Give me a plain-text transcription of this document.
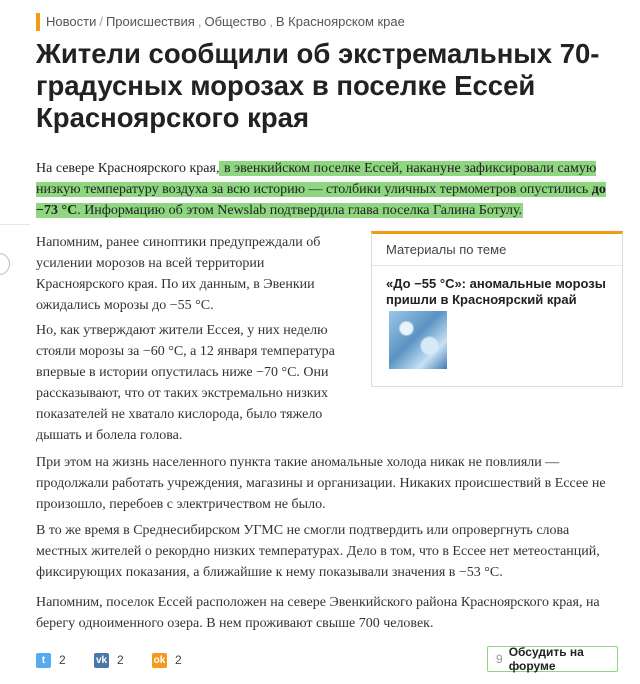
Новости / Происшествия , Общество , В Красноярском крае
Жители сообщили об экстремальных 70-градусных морозах в поселке Ессей Красноярского края

На севере Красноярского края, в эвенкийском поселке Ессей, накануне зафиксировали самую низкую температуру воздуха за всю историю — столбики уличных термометров опустились до −73 °С. Информацию об этом Newslab подтвердила глава поселка Галина Ботулу.

Напомним, ранее синоптики предупреждали об усилении морозов на всей территории Красноярского края. По их данным, в Эвенкии ожидались морозы до −55 °С.

Но, как утверждают жители Ессея, у них неделю стояли морозы за −60 °С, а 12 января температура впервые в истории опустилась ниже −70 °С. Они рассказывают, что от таких экстремально низких показателей не хватало кислорода, было тяжело дышать и болела голова.

Материалы по теме
«До −55 °С»: аномальные морозы пришли в Красноярский край

При этом на жизнь населенного пункта такие аномальные холода никак не повлияли — продолжали работать учреждения, магазины и организации. Никаких происшествий в Ессее не произошло, перебоев с электричеством не было.

В то же время в Среднесибирском УГМС не смогли подтвердить или опровергнуть слова местных жителей о рекордно низких температурах. Дело в том, что в Ессее нет метеостанций, фиксирующих показания, а ближайшие к нему показывали значения в −53 °С.

Напомним, поселок Ессей расположен на севере Эвенкийского района Красноярского края, на берегу одноименного озера. В нем проживают свыше 700 человек.

t	2	vk 2	ok 2	9 Обсудить на форуме
